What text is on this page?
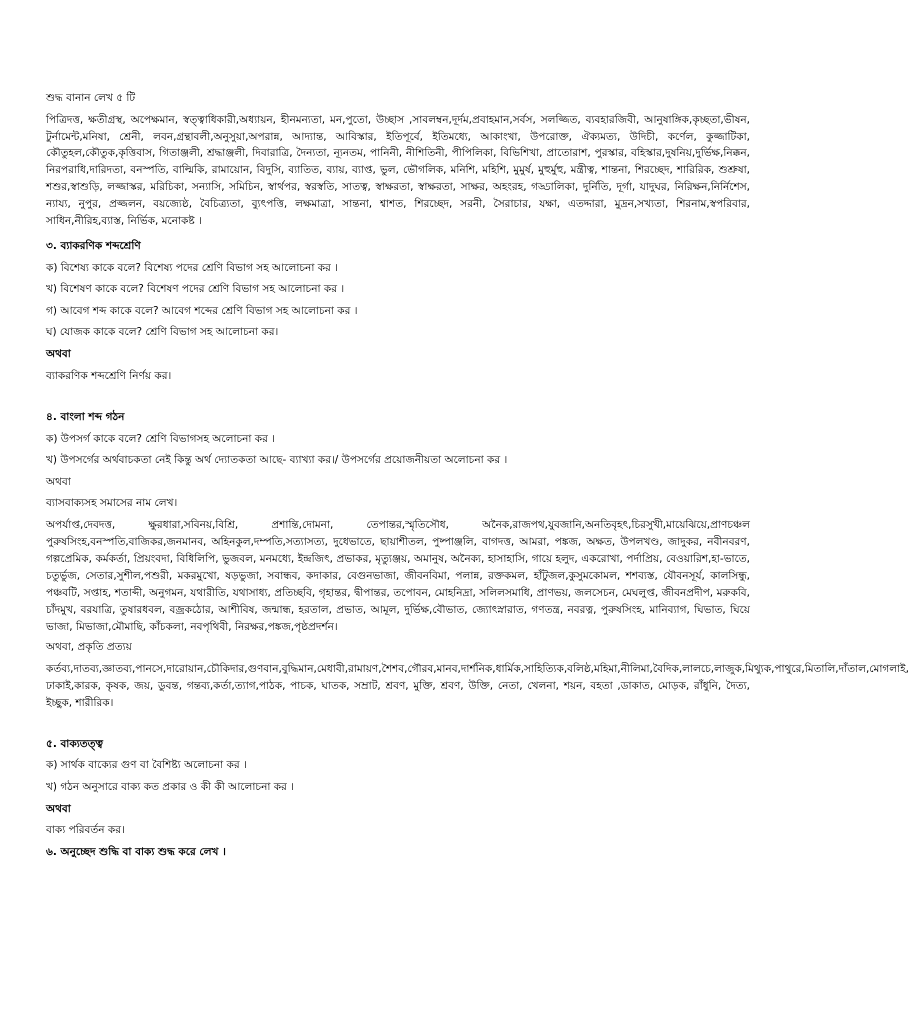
শুদ্ধ বানান লেখ ৫ টি

পিত্রিদত্ত, ক্ষতীগ্রস্থ, অপেক্ষমান, স্বত্ত্বাধিকারী,অধ্যায়ন, হীনমন্যতা, মন,পুতো, উচ্ছাস ,সাবলম্বন,দূর্দম,প্রবাহমান,সর্বস, সলজ্জিত, ব্যবহারজিবী, আনুষাঙ্গিক,কৃচ্ছতা,ভীষন, টুর্নামেন্ট,মনিষা, শ্রেনী, লবন,গ্রন্থাবলী,অনুসুয়া,অপরান্ন, আদ্যান্ত, আবিস্কার, ইতিপূর্বে, ইতিমধ্যে, আকাংখা, উপরোক্ত, ঐক্যমত্য, উদিচী, কর্ণেল, কুজ্জাটিকা, কৌতুহল,কৌতুক,কৃত্তিবাস, গিতাঞ্জলী, শ্রদ্ধাঞ্জলী, দিবারাত্রি, দৈন্যতা, ন্যূনতম, পানিনী, নীশিতিনী, পীপিলিকা, বিভিশিখা, প্রাতোরাশ, পুরস্কার, বহিস্কার,দুষনিয়,দুর্ভিক্ষ,নিক্কন, নিরপরাধি,দারিদতা, বনস্পতি, বাল্মিকি, রামায়োন, বিদুসি, ব্যাতিত, ব্যায়, ব্যাপ্ত, ভুল, ভৌগলিক, মনিশি, মহিশি, মুমুর্ষ, মুহুর্মুহু, মন্ত্রীত্ব, শান্তনা, শিরচ্ছেদ, শারিরিক, শুশ্রুষা, শশুর,স্বাশুড়ি, লজ্জাস্কর, মরিচিকা, সন্যাসি, সমিচিন, স্বার্থপর, স্বরস্বতি, সাতত্ব, স্বাক্ষরতা, স্বাক্ষরতা, সাক্ষর, অহংরহ, গড্ডালিকা, দুর্নিতি, দূর্গা, যাদুঘর, নিরিক্ষন,নির্নিশেস, ন্যায্য, নুপুর, প্রজ্জলন, বয়জ্যেষ্ঠ, বৈচিত্র্যতা, ব্যুৎপত্তি, লক্ষমাত্রা, সান্তনা, শ্বাশত, শিরচ্ছেদ, সরনী, সৈরাচার, যক্ষা, এতদ্দারা, মুদ্রন,সখ্যতা, শিরনাম,স্বপরিবার, সাধিন,নীরিহ,ব্যাস্ত, নির্ভিক, মনোকষ্ট ।

৩. ব্যাকরণিক শব্দশ্রেণি

ক) বিশেষ্য কাকে বলে? বিশেষ্য পদের শ্রেণি বিভাগ সহ আলোচনা কর ।

খ) বিশেষণ কাকে বলে? বিশেষণ পদের শ্রেণি বিভাগ সহ আলোচনা কর ।

গ) আবেগ শব্দ কাকে বলে? আবেগ শব্দের শ্রেণি বিভাগ সহ আলোচনা কর ।

ঘ) যোজক কাকে বলে? শ্রেণি বিভাগ সহ আলোচনা কর।

অথবা

ব্যাকরণিক শব্দশ্রেণি নির্ণয় কর।

৪. বাংলা শব্দ গঠন

ক) উপসর্গ কাকে বলে? শ্রেণি বিভাগসহ অলোচনা কর ।

খ) উপসর্গের অর্থবাচকতা নেই কিন্তু অর্থ দ্যোতকতা আছে- ব্যাখ্যা কর।/ উপসর্গের প্রয়োজনীয়তা অলোচনা কর ।

অথবা

ব্যাসবাক্যসহ সমাসের নাম লেখ।

অপর্যাপ্ত,দেবদত্ত, ক্ষুরধারা,সবিনয়,বিশ্রি, প্রশান্তি,দোমনা, তেপান্তর,স্মৃতিসৌধ, অনৈক,রাজপথ,যুবজানি,অনতিবৃহৎ,চিরসুখী,মায়েঝিয়ে,প্রাণচঞ্চল পুরুষসিংহ,বনস্পতি,বাজিকর,জনমানব, অহিনকুল,দম্পতি,সত্যাসত্য, দুধেভাতে, ছায়াশীতল, পুষ্পাঞ্জলি, বাগদত্ত, আমরা, পঙ্কজ, অক্ষত, উপলখণ্ড, জাদুকর, নবীনবরণ, গল্পপ্রেমিক, কর্মকর্তা, প্রিয়ংবদা, বিধিলিপি, ভুজবল, মনমধ্যে, ইন্দ্রজিৎ, প্রভাকর, মৃত্যুঞ্জয়, অমানুষ, অনৈক্য, হাসাহাসি, গায়ে হলুদ, একরোখা, পর্দাপ্রিয়, বেওয়ারিশ,হা-ভাতে, চতুর্ভুজ, সেতার,সুশীল,পশুরী, মকরমুখো, ষড়ভুজা, সবান্ধব, কদাকার, বেগুনভাজা, জীবনবিমা, পলান্ন, রক্তকমল, হাঁটুজল,কুসুমকোমল, শশব্যস্ত, যৌবনসূর্য, কালসিন্ধু, পঞ্চবটি, সপ্তাহ, শতাব্দী, অনুগমন, যথারীতি, যথাসাধ্য, প্রতিচ্ছবি, গৃহান্তর, দ্বীপান্তর, তপোবন, মোহনিদ্রা, সলিলসমাধি, প্রাণভয়, জলসেচন, মেঘলুপ্ত, জীবনপ্রদীপ, মরুকবি, চাঁদমুখ, বরযাত্রি, তুষারধবল, বজ্রকঠোর, আশীবিষ, জন্মান্ধ, হরতাল, প্রভাত, আমূল, দুর্ভিক্ষ,বৌভাত, জ্যোৎস্নারাত, গণতন্ত্র, নবরত্ন, পুরুষসিংহ, মানিব্যাগ, ঘিভাত, ঘিয়ে ভাজা, মিভাজা,মৌমাছি, কাঁচকলা, নবপৃথিবী, নিরক্ষর,পঙ্কজ,পৃষ্ঠপ্রদর্শন।

অথবা, প্রকৃতি প্রত্যয়

কর্তব্য,দাতব্য,জ্ঞাতব্য,পানসে,দারোয়ান,চৌকিদার,গুণবান,বুদ্ধিমান,মেধাবী,রামায়ণ,শৈশব,গৌরব,মানব,দার্শনিক,ধার্মিক,সাহিত্যিক,বলিষ্ঠ,মহিমা,নীলিমা,বৈদিক,লালচে,লাজুক,মিথ্যুক,পাথুরে,মিতালি,দাঁতাল,মোগলাই, ঢাকাই,কারক, কৃষক, জয়, ডুবন্ত, গন্তব্য,কর্তা,ত্যাগ,পাঠক, পাচক, ঘাতক, সম্রাট, শ্রবণ, মুক্তি, শ্রবণ, উক্তি, নেতা, খেলনা, শয়ন, বহতা ,ডাকাত, মোড়ক, রাঁধুনি, দৈত্য, ইচ্ছুক, শারীরিক।

৫. বাক্যতত্ত্ব

ক) সার্থক বাক্যের গুণ বা বৈশিষ্ট্য অলোচনা কর ।

খ) গঠন অনুসারে বাক্য কত প্রকার ও কী কী আলোচনা কর ।

অথবা

বাক্য পরিবর্তন কর।

৬. অনুচ্ছেদ শুদ্ধি বা বাক্য শুদ্ধ করে লেখ ।
